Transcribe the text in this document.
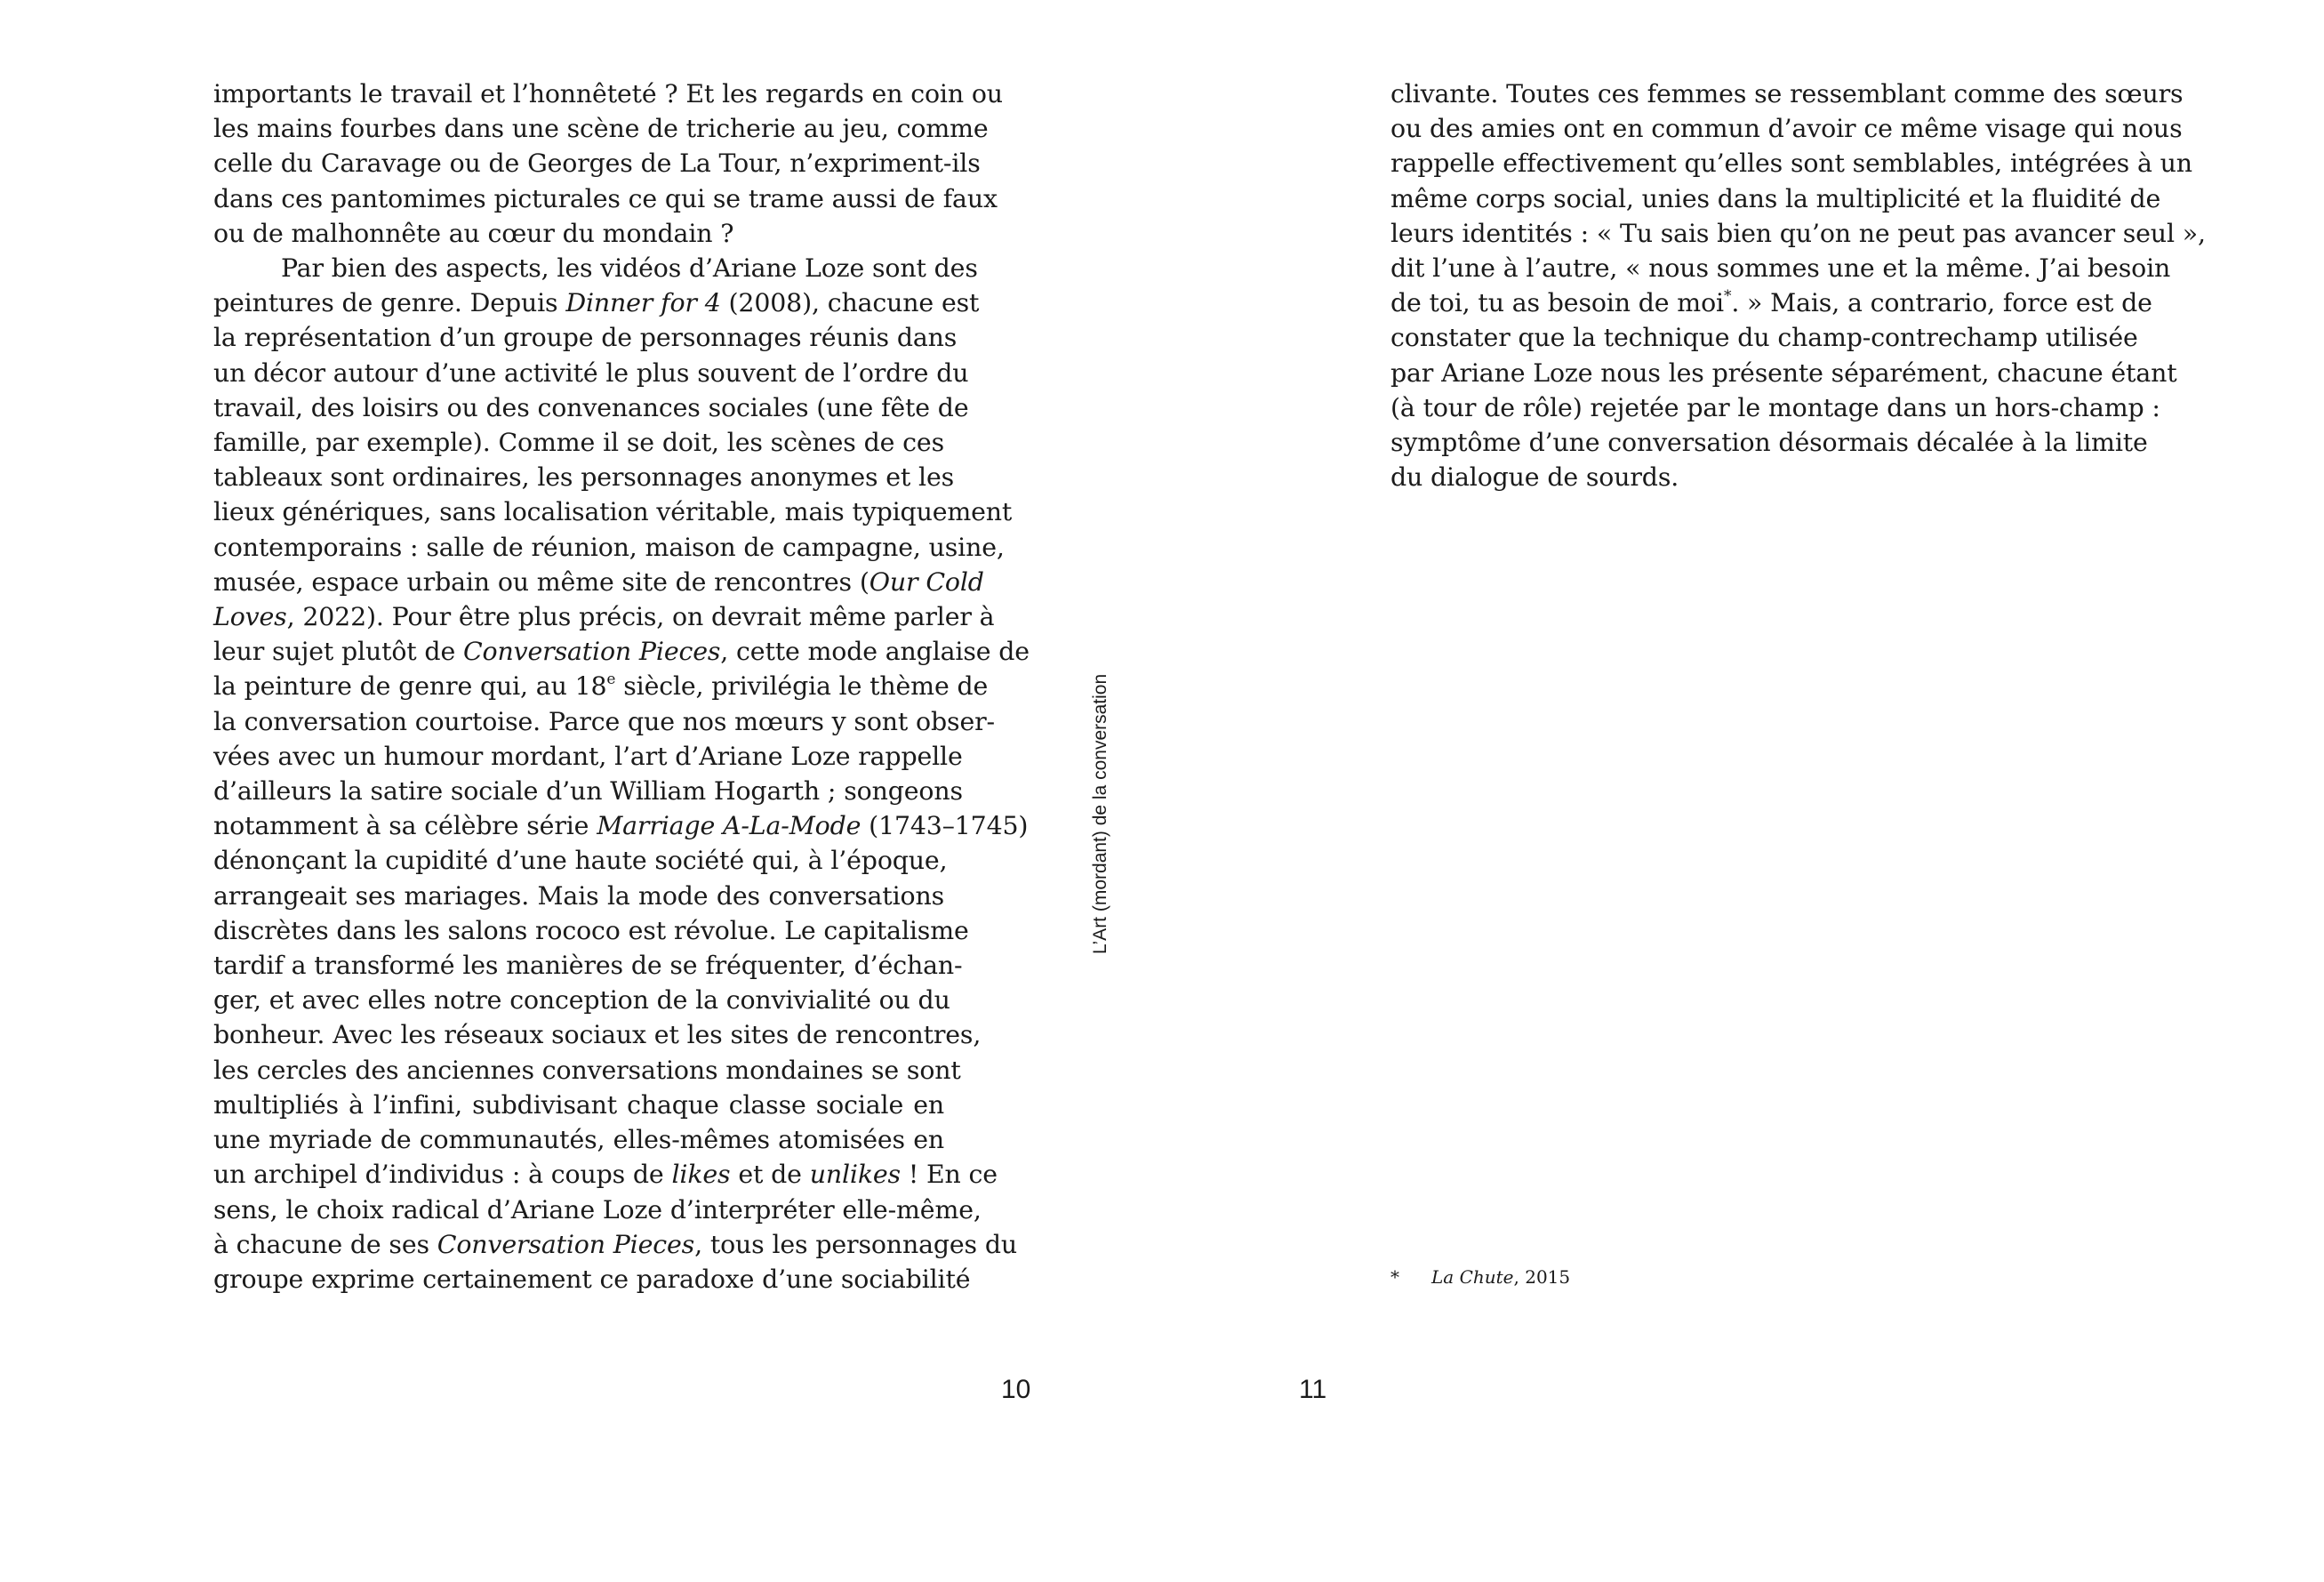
importants le travail et l’honnêteté ? Et les regards en coin ou
les mains fourbes dans une scène de tricherie au jeu, comme
celle du Caravage ou de Georges de La Tour, n’expriment-ils
dans ces pantomimes picturales ce qui se trame aussi de faux
ou de malhonnête au cœur du mondain ?
Par bien des aspects, les vidéos d’Ariane Loze sont des
peintures de genre. Depuis Dinner for 4 (2008), chacune est
la représentation d’un groupe de personnages réunis dans
un décor autour d’une activité le plus souvent de l’ordre du
travail, des loisirs ou des convenances sociales (une fête de
famille, par exemple). Comme il se doit, les scènes de ces
tableaux sont ordinaires, les personnages anonymes et les
lieux génériques, sans localisation véritable, mais typiquement
contemporains : salle de réunion, maison de campagne, usine,
musée, espace urbain ou même site de rencontres (Our Cold
Loves, 2022). Pour être plus précis, on devrait même parler à
leur sujet plutôt de Conversation Pieces, cette mode anglaise de
la peinture de genre qui, au 18e siècle, privilégia le thème de
la conversation courtoise. Parce que nos mœurs y sont obser-
vées avec un humour mordant, l’art d’Ariane Loze rappelle
d’ailleurs la satire sociale d’un William Hogarth ; songeons
notamment à sa célèbre série Marriage A-La-Mode (1743–1745)
dénonçant la cupidité d’une haute société qui, à l’époque,
arrangeait ses mariages. Mais la mode des conversations
discrètes dans les salons rococo est révolue. Le capitalisme
tardif a transformé les manières de se fréquenter, d’échan-
ger, et avec elles notre conception de la convivialité ou du
bonheur. Avec les réseaux sociaux et les sites de rencontres,
les cercles des anciennes conversations mondaines se sont
multipliés à l’infini, subdivisant chaque classe sociale en
une myriade de communautés, elles-mêmes atomisées en
un archipel d’individus : à coups de likes et de unlikes ! En ce
sens, le choix radical d’Ariane Loze d’interpréter elle-même,
à chacune de ses Conversation Pieces, tous les personnages du
groupe exprime certainement ce paradoxe d’une sociabilité
clivante. Toutes ces femmes se ressemblant comme des sœurs
ou des amies ont en commun d’avoir ce même visage qui nous
rappelle effectivement qu’elles sont semblables, intégrées à un
même corps social, unies dans la multiplicité et la fluidité de
leurs identités : « Tu sais bien qu’on ne peut pas avancer seul »,
dit l’une à l’autre, « nous sommes une et la même. J’ai besoin
de toi, tu as besoin de moi*. » Mais, a contrario, force est de
constater que la technique du champ-contrechamp utilisée
par Ariane Loze nous les présente séparément, chacune étant
(à tour de rôle) rejetée par le montage dans un hors-champ :
symptôme d’une conversation désormais décalée à la limite
du dialogue de sourds.
L’Art (mordant) de la conversation
* La Chute, 2015
10	11
